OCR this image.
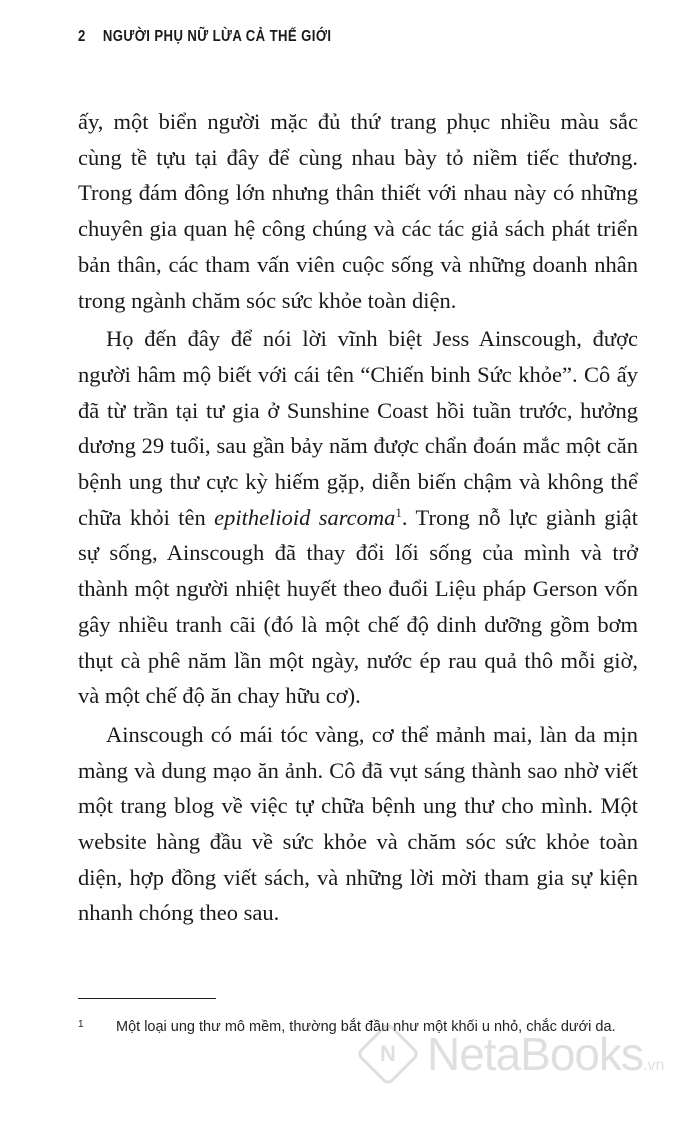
2 NGƯỜI PHỤ NỮ LỪA CẢ THẾ GIỚI

ấy, một biển người mặc đủ thứ trang phục nhiều màu sắc cùng tề tựu tại đây để cùng nhau bày tỏ niềm tiếc thương. Trong đám đông lớn nhưng thân thiết với nhau này có những chuyên gia quan hệ công chúng và các tác giả sách phát triển bản thân, các tham vấn viên cuộc sống và những doanh nhân trong ngành chăm sóc sức khỏe toàn diện.

Họ đến đây để nói lời vĩnh biệt Jess Ainscough, được người hâm mộ biết với cái tên “Chiến binh Sức khỏe”. Cô ấy đã từ trần tại tư gia ở Sunshine Coast hồi tuần trước, hưởng dương 29 tuổi, sau gần bảy năm được chẩn đoán mắc một căn bệnh ung thư cực kỳ hiếm gặp, diễn biến chậm và không thể chữa khỏi tên epithelioid sarcoma$^1$. Trong nỗ lực giành giật sự sống, Ainscough đã thay đổi lối sống của mình và trở thành một người nhiệt huyết theo đuổi Liệu pháp Gerson vốn gây nhiều tranh cãi (đó là một chế độ dinh dưỡng gồm bơm thụt cà phê năm lần một ngày, nước ép rau quả thô mỗi giờ, và một chế độ ăn chay hữu cơ).

Ainscough có mái tóc vàng, cơ thể mảnh mai, làn da mịn màng và dung mạo ăn ảnh. Cô đã vụt sáng thành sao nhờ viết một trang blog về việc tự chữa bệnh ung thư cho mình. Một website hàng đầu về sức khỏe và chăm sóc sức khỏe toàn diện, hợp đồng viết sách, và những lời mời tham gia sự kiện nhanh chóng theo sau.

1 Một loại ung thư mô mềm, thường bắt đầu như một khối u nhỏ, chắc dưới da.
N NetaBooks.vn
